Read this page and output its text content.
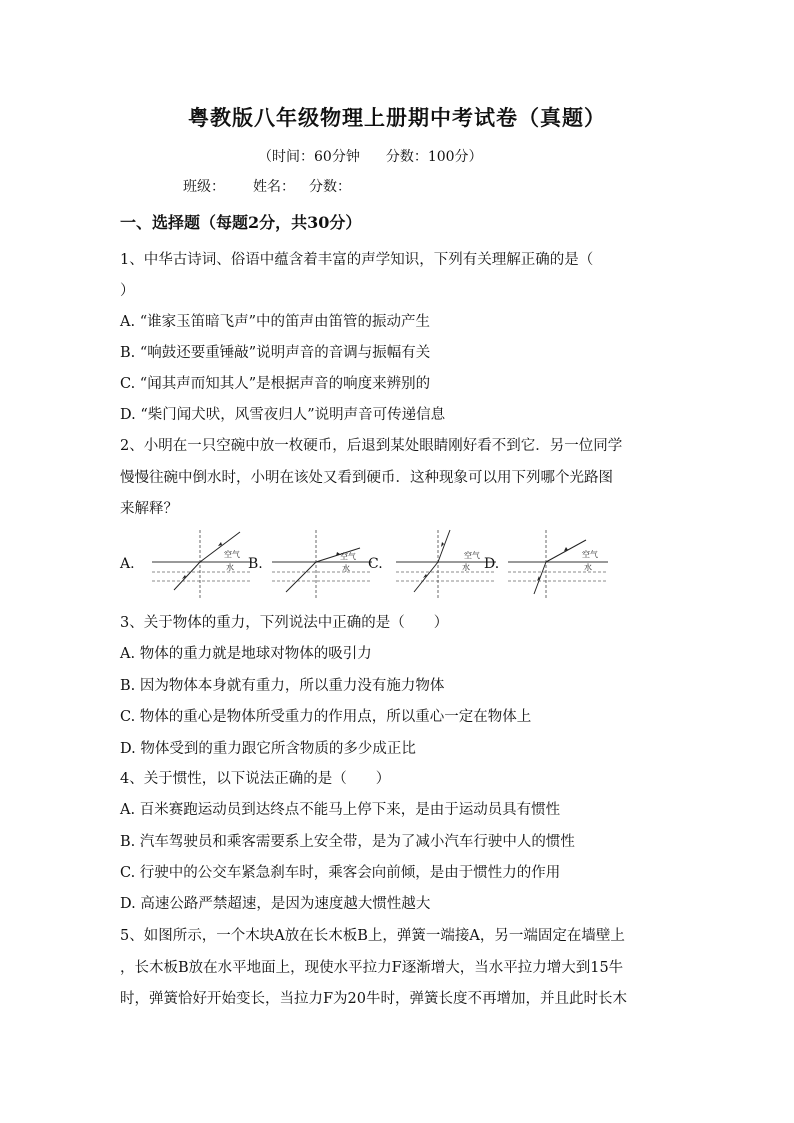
粤教版八年级物理上册期中考试卷（真题）
（时间：60分钟 分数：100分）
班级： 姓名： 分数：
一、选择题（每题2分，共30分）
1、中华古诗词、俗语中蕴含着丰富的声学知识，下列有关理解正确的是（
）
A. “谁家玉笛暗飞声”中的笛声由笛管的振动产生
B. “响鼓还要重锤敲”说明声音的音调与振幅有关
C. “闻其声而知其人”是根据声音的响度来辨别的
D. “柴门闻犬吠，风雪夜归人”说明声音可传递信息
2、小明在一只空碗中放一枚硬币，后退到某处眼睛刚好看不到它．另一位同学
慢慢往碗中倒水时，小明在该处又看到硬币．这种现象可以用下列哪个光路图
来解释？
A.
空气
水 B.	空气
水 C.
空气
水 D.
空气
水
3、关于物体的重力，下列说法中正确的是（　　）
A. 物体的重力就是地球对物体的吸引力
B. 因为物体本身就有重力，所以重力没有施力物体
C. 物体的重心是物体所受重力的作用点，所以重心一定在物体上
D. 物体受到的重力跟它所含物质的多少成正比
4、关于惯性，以下说法正确的是（　　）
A. 百米赛跑运动员到达终点不能马上停下来，是由于运动员具有惯性
B. 汽车驾驶员和乘客需要系上安全带，是为了减小汽车行驶中人的惯性
C. 行驶中的公交车紧急刹车时，乘客会向前倾，是由于惯性力的作用
D. 高速公路严禁超速，是因为速度越大惯性越大
5、如图所示，一个木块A放在长木板B上，弹簧一端接A，另一端固定在墙壁上
，长木板B放在水平地面上，现使水平拉力F逐渐增大，当水平拉力增大到15牛
时，弹簧恰好开始变长，当拉力F为20牛时，弹簧长度不再增加，并且此时长木
